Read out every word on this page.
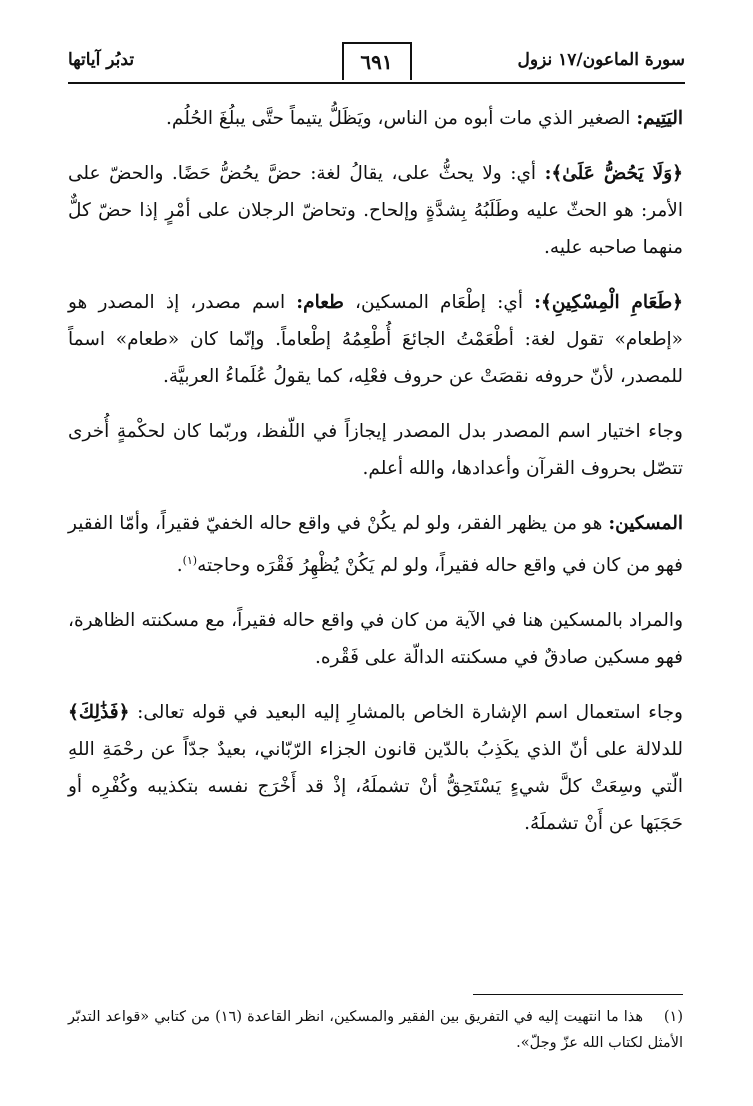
سورة الماعون/١٧ نزول
٦٩١
تدبُر آياتها

اليَتِيم: الصغير الذي مات أبوه من الناس، ويَظَلُّ يتيماً حتَّى يبلُغَ الحُلُم.

﴿وَلَا يَحُضُّ عَلَىٰ﴾: أي: ولا يحثُّ على، يقالُ لغة: حضَّ يحُضُّ حَضًا. والحضّ على الأمر: هو الحثّ عليه وطَلَبُهُ بِشدَّةٍ وإلحاح. وتحاضّ الرجلان على أمْرٍ إذا حضّ كلٌّ منهما صاحبه عليه.

﴿طَعَامِ الْمِسْكِينِ﴾: أي: إطْعَام المسكين، طعام: اسم مصدر، إذ المصدر هو «إطعام» تقول لغة: أطْعَمْتُ الجائعَ أُطْعِمُهُ إطْعاماً. وإنّما كان «طعام» اسماً للمصدر، لأنّ حروفه نقصَتْ عن حروف فعْلِه، كما يقولُ عُلَماءُ العربيَّة.

وجاء اختيار اسم المصدر بدل المصدر إيجازاً في اللّفظ، وربّما كان لحكْمةٍ أُخرى تتصّل بحروف القرآن وأعدادها، والله أعلم.

المسكين: هو من يظهر الفقر، ولو لم يكُنْ في واقع حاله الخفيّ فقيراً، وأمّا الفقير فهو من كان في واقع حاله فقيراً، ولو لم يَكُنْ يُظْهِرُ فَقْرَه وحاجته$^{(١)}$.

والمراد بالمسكين هنا في الآية من كان في واقع حاله فقيراً، مع مسكنته الظاهرة، فهو مسكين صادقٌ في مسكنته الدالّة على فَقْره.

وجاء استعمال اسم الإشارة الخاص بالمشارِ إليه البعيد في قوله تعالى: ﴿فَذَٰلِكَ﴾ للدلالة على أنّ الذي يكَذِبُ بالدّين قانون الجزاء الرّبّاني، بعيدٌ جدّاً عن رحْمَةِ اللهِ الّتي وسِعَتْ كلَّ شيءٍ يَسْتَحِقُّ أنْ تشملَهُ، إذْ قد أَخْرَج نفسه بتكذيبه وكُفْرِه أو حَجَبَها عن أَنْ تشملَهُ.

(١)هذا ما انتهيت إليه في التفريق بين الفقير والمسكين، انظر القاعدة (١٦) من كتابي «قواعد التدبّر الأمثل لكتاب الله عزّ وجلّ».
